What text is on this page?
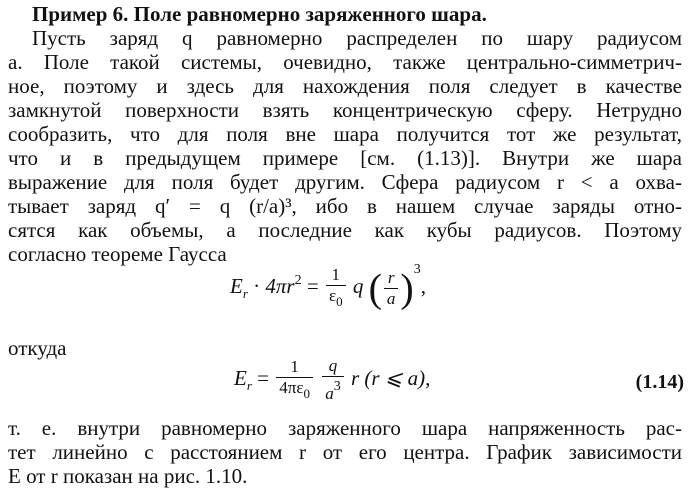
Пример 6. Поле равномерно заряженного шара.
Пусть заряд q равномерно распределен по шару радиусом
a. Поле такой системы, очевидно, также центрально-симметрич-
ное, поэтому и здесь для нахождения поля следует в качестве
замкнутой поверхности взять концентрическую сферу. Нетрудно
сообразить, что для поля вне шара получится тот же результат,
что и в предыдущем примере [см. (1.13)]. Внутри же шара
выражение для поля будет другим. Сфера радиусом r < a охва-
тывает заряд q′ = q (r/a)³, ибо в нашем случае заряды отно-
сятся как объемы, а последние как кубы радиусов. Поэтому
согласно теореме Гаусса
$E_r \cdot 4\pi r^2 = \frac{1}{\varepsilon_0}$ q ( $\frac{r}{a} )^3$,
откуда
$E_r = \frac{1}{4\pi\varepsilon_0}$
$\frac{q}{a^3}$ r (r ⩽ a),	(1.14)
т. е. внутри равномерно заряженного шара напряженность рас-
тет линейно с расстоянием r от его центра. График зависимости
E от r показан на рис. 1.10.
